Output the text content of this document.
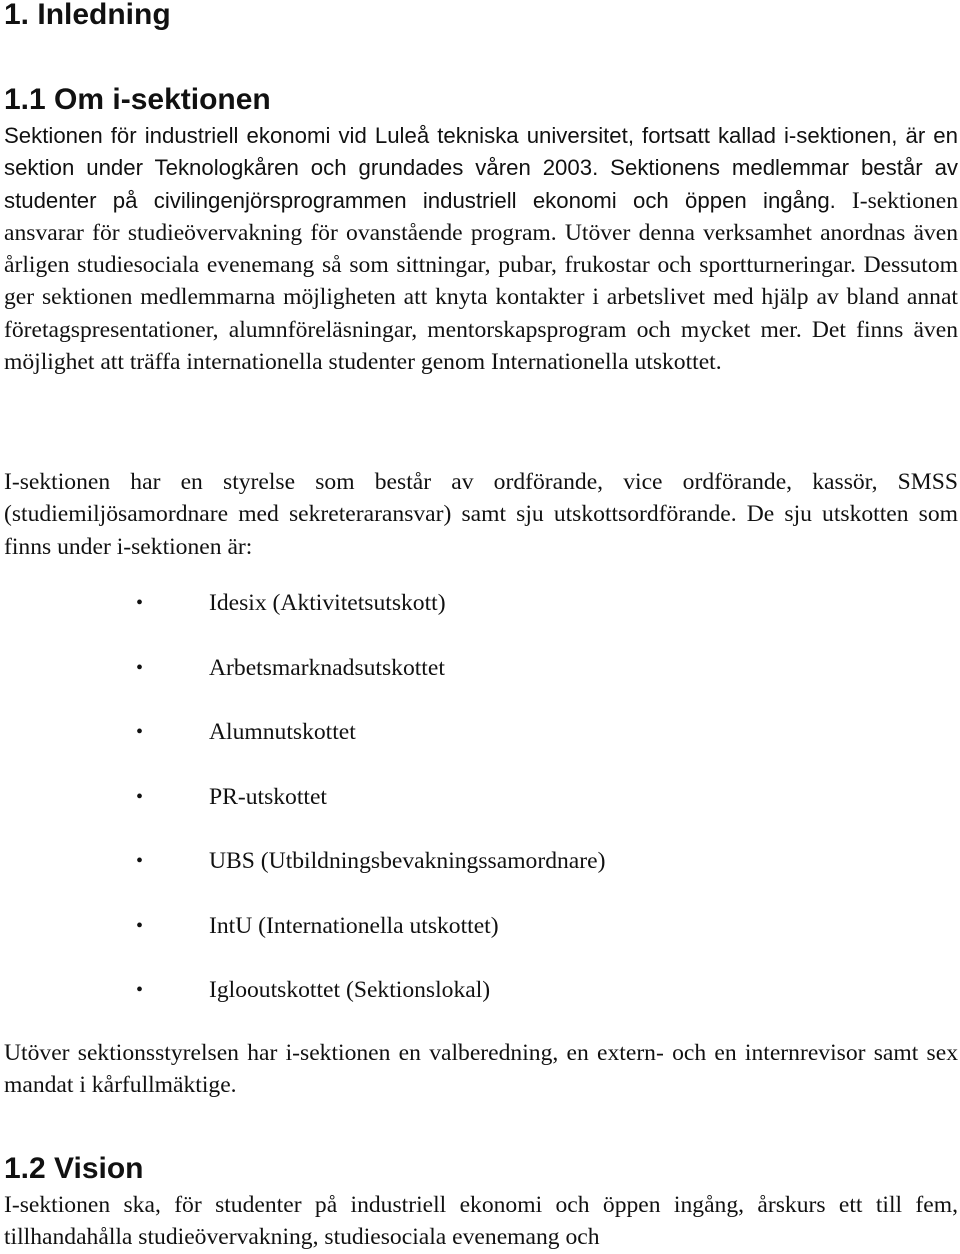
1. Inledning
1.1 Om i-sektionen

Sektionen för industriell ekonomi vid Luleå tekniska universitet, fortsatt kallad i-sektionen, är en sektion under Teknologkåren och grundades våren 2003. Sektionens medlemmar består av studenter på civilingenjörsprogrammen industriell ekonomi och öppen ingång. I-sektionen ansvarar för studieövervakning för ovanstående program. Utöver denna verksamhet anordnas även årligen studiesociala evenemang så som sittningar, pubar, frukostar och sportturneringar. Dessutom ger sektionen medlemmarna möjligheten att knyta kontakter i arbetslivet med hjälp av bland annat företagspresentationer, alumnföreläsningar, mentorskapsprogram och mycket mer. Det finns även möjlighet att träffa internationella studenter genom Internationella utskottet.

I-sektionen har en styrelse som består av ordförande, vice ordförande, kassör, SMSS (studiemiljösamordnare med sekreteraransvar) samt sju utskottsordförande. De sju utskotten som finns under i-sektionen är:

•	Idesix (Aktivitetsutskott)
•	Arbetsmarknadsutskottet
•	Alumnutskottet
•	PR-utskottet
•	UBS (Utbildningsbevakningssamordnare)
•	IntU (Internationella utskottet)
•	Iglooutskottet (Sektionslokal)

Utöver sektionsstyrelsen har i-sektionen en valberedning, en extern- och en internrevisor samt sex mandat i kårfullmäktige.

1.2 Vision

I-sektionen ska, för studenter på industriell ekonomi och öppen ingång, årskurs ett till fem, tillhandahålla studieövervakning, studiesociala evenemang och
